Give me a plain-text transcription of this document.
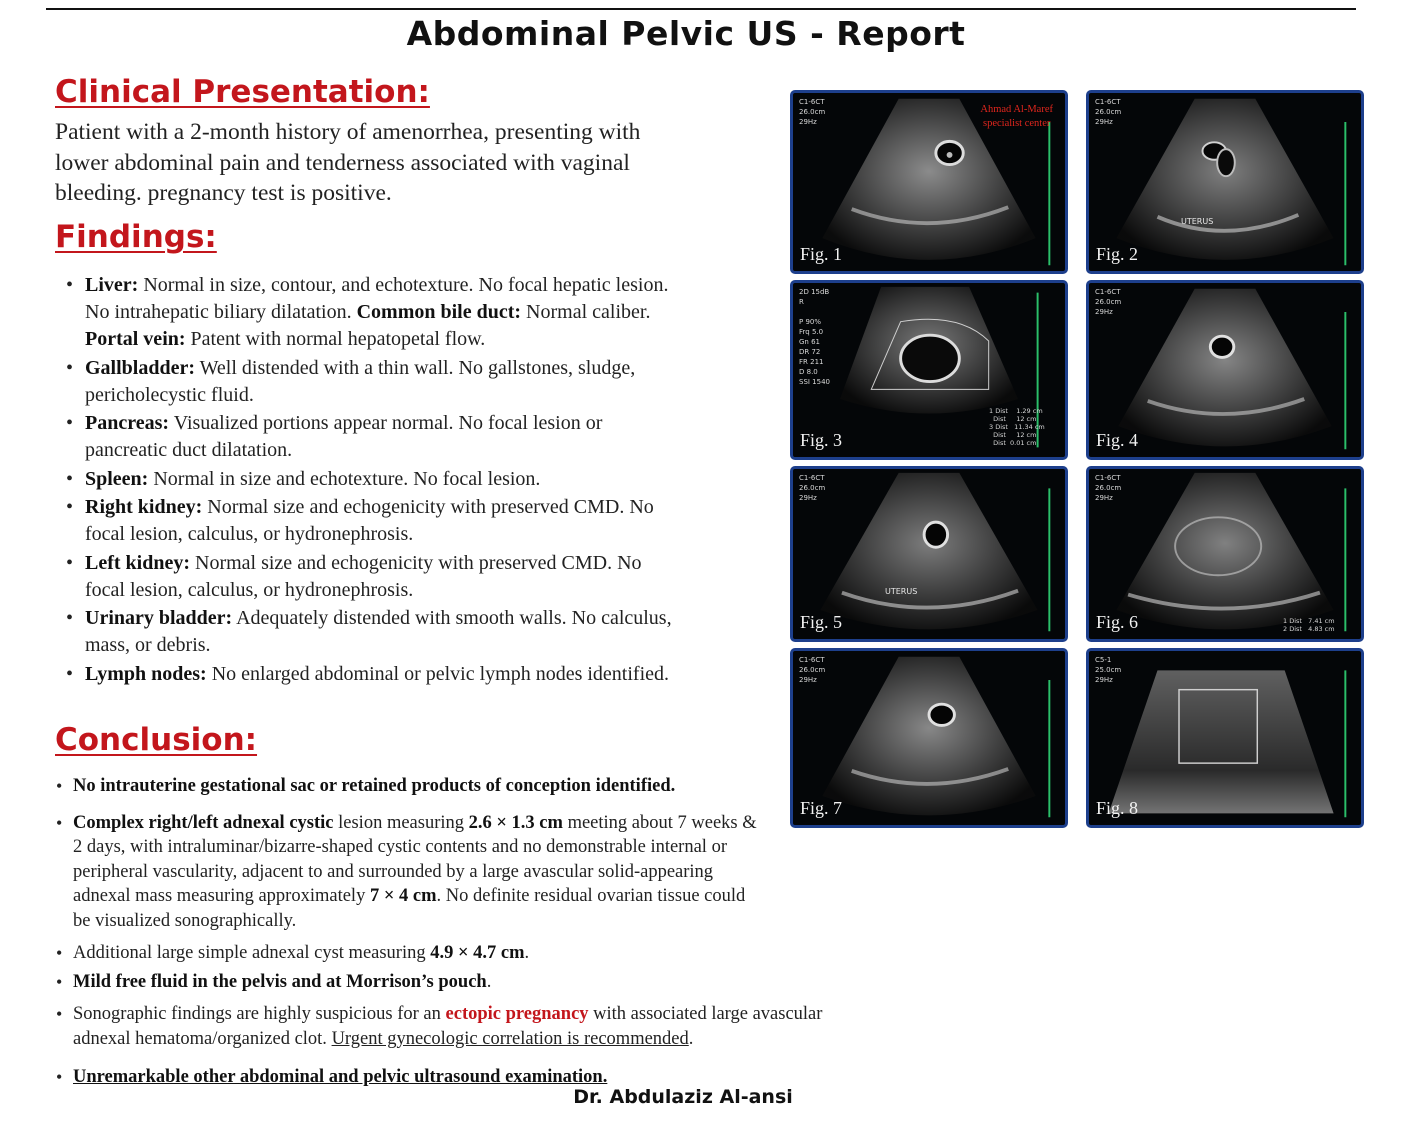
Abdominal Pelvic US - Report
Clinical Presentation:

Patient with a 2-month history of amenorrhea, presenting with lower abdominal pain and tenderness associated with vaginal bleeding. pregnancy test is positive.

Findings:
• Liver: Normal in size, contour, and echotexture. No focal hepatic lesion. No intrahepatic biliary dilatation. Common bile duct: Normal caliber. Portal vein: Patent with normal hepatopetal flow.
• Gallbladder: Well distended with a thin wall. No gallstones, sludge, pericholecystic fluid.
• Pancreas: Visualized portions appear normal. No focal lesion or pancreatic duct dilatation.
• Spleen: Normal in size and echotexture. No focal lesion.
• Right kidney: Normal size and echogenicity with preserved CMD. No focal lesion, calculus, or hydronephrosis.
• Left kidney: Normal size and echogenicity with preserved CMD. No focal lesion, calculus, or hydronephrosis.
• Urinary bladder: Adequately distended with smooth walls. No calculus, mass, or debris.
• Lymph nodes: No enlarged abdominal or pelvic lymph nodes identified.
Conclusion:
• No intrauterine gestational sac or retained products of conception identified.
• Complex right/left adnexal cystic lesion measuring 2.6 × 1.3 cm meeting about 7 weeks & 2 days, with intraluminar/bizarre-shaped cystic contents and no demonstrable internal or peripheral vascularity, adjacent to and surrounded by a large avascular solid-appearing adnexal mass measuring approximately 7 × 4 cm. No definite residual ovarian tissue could be visualized sonographically.
• Additional large simple adnexal cyst measuring 4.9 × 4.7 cm.
• Mild free fluid in the pelvis and at Morrison’s pouch.
• Sonographic findings are highly suspicious for an ectopic pregnancy with associated large avascular adnexal hematoma/organized clot. Urgent gynecologic correlation is recommended.
• Unremarkable other abdominal and pelvic ultrasound examination.
Dr. Abdulaziz Al-ansi
C1-6CT
26.0cm
29Hz
Ahmad Al-Maref
specialist center
Fig. 1
C1-6CT
26.0cm
29Hz
UTERUS
Fig. 2
2D 15dB
R

P 90%
Frq 5.0
Gn 61
DR 72
FR 211
D 8.0
SSI 1540
1 Dist    1.29 cm
Dist     12 cm
3 Dist   11.34 cm
Dist     12 cm
Dist  0.01 cm
Fig. 3
C1-6CT
26.0cm
29Hz
Fig. 4
C1-6CT
26.0cm
29Hz
UTERUS
Fig. 5
C1-6CT
26.0cm
29Hz
1 Dist   7.41 cm
2 Dist   4.83 cm
Fig. 6
C1-6CT
26.0cm
29Hz
Fig. 7
C5-1
25.0cm
29Hz
Fig. 8
